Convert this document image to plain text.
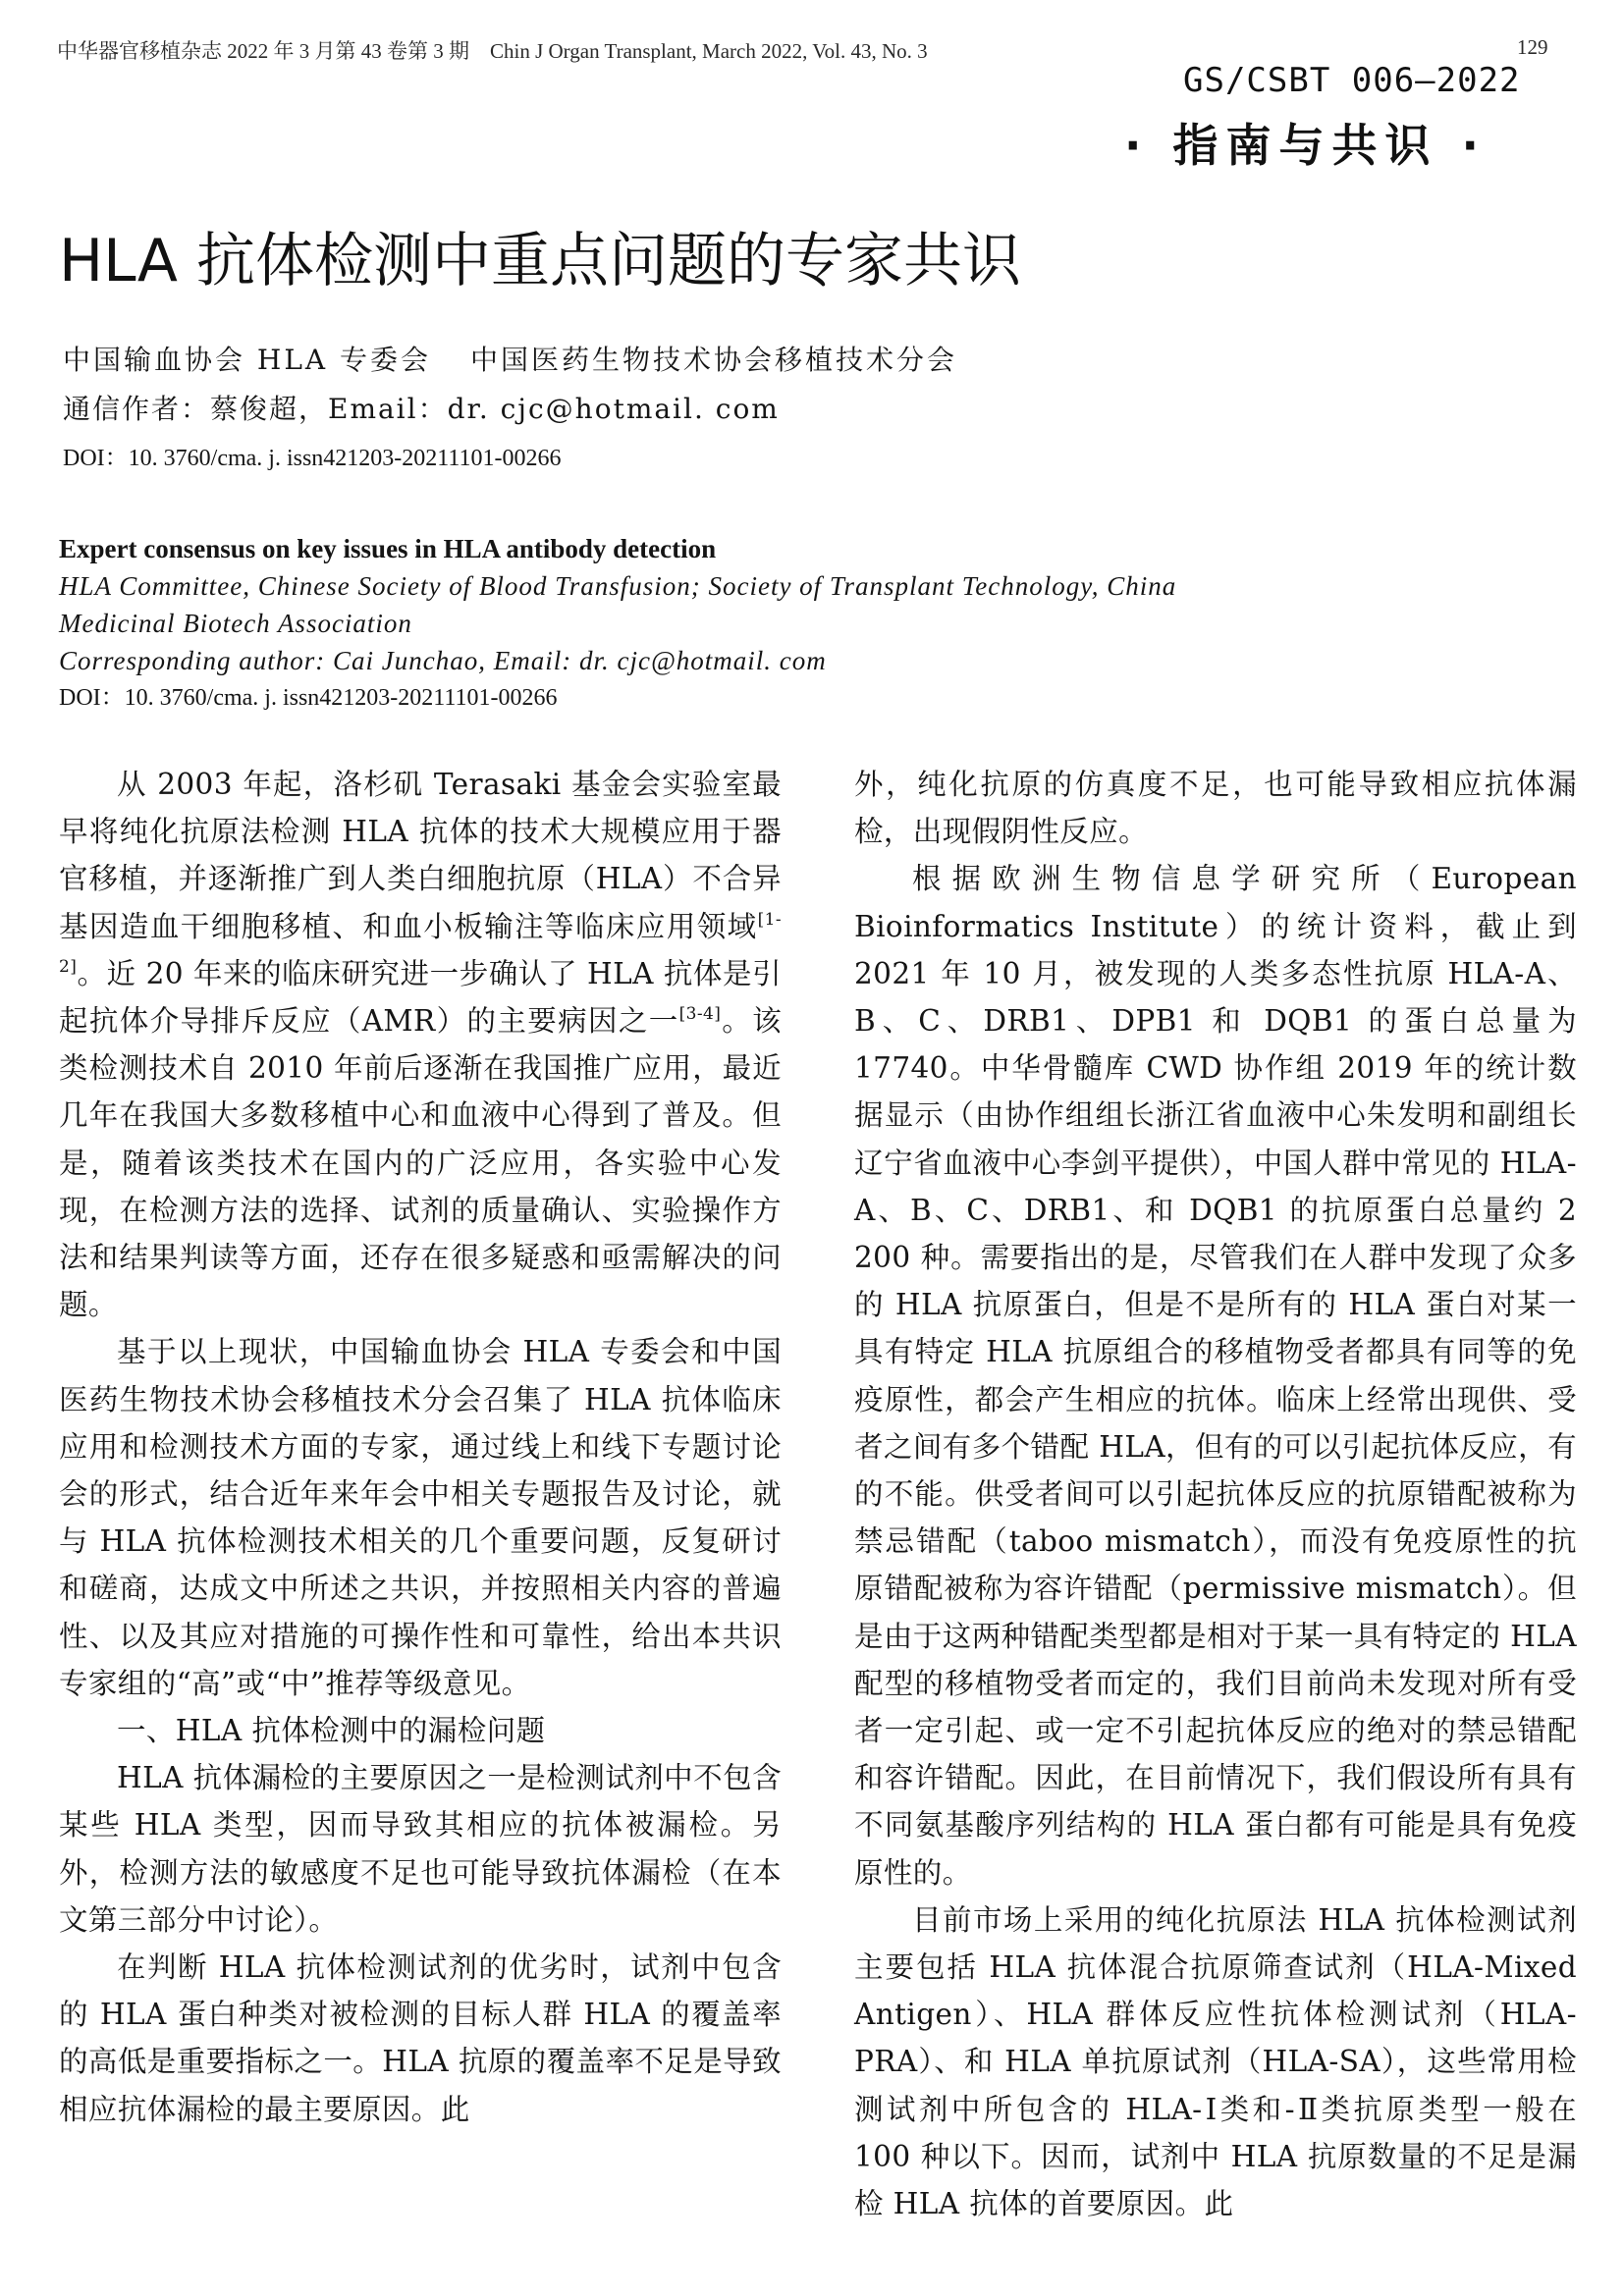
中华器官移植杂志 2022 年 3 月第 43 卷第 3 期　Chin J Organ Transplant, March 2022, Vol. 43, No. 3	129
GS/CSBT 006—2022
· 指南与共识 ·
HLA 抗体检测中重点问题的专家共识
中国输血协会 HLA 专委会 中国医药生物技术协会移植技术分会
通信作者：蔡俊超，Email：dr. cjc@hotmail. com
DOI：10. 3760/cma. j. issn421203-20211101-00266
Expert consensus on key issues in HLA antibody detection
HLA Committee, Chinese Society of Blood Transfusion; Society of Transplant Technology, China
Medicinal Biotech Association
Corresponding author: Cai Junchao, Email: dr. cjc@hotmail. com
DOI：10. 3760/cma. j. issn421203-20211101-00266

从 2003 年起，洛杉矶 Terasaki 基金会实验室最早将纯化抗原法检测 HLA 抗体的技术大规模应用于器官移植，并逐渐推广到人类白细胞抗原（HLA）不合异基因造血干细胞移植、和血小板输注等临床应用领域[1-2]。近 20 年来的临床研究进一步确认了 HLA 抗体是引起抗体介导排斥反应（AMR）的主要病因之一[3-4]。该类检测技术自 2010 年前后逐渐在我国推广应用，最近几年在我国大多数移植中心和血液中心得到了普及。但是，随着该类技术在国内的广泛应用，各实验中心发现，在检测方法的选择、试剂的质量确认、实验操作方法和结果判读等方面，还存在很多疑惑和亟需解决的问题。

基于以上现状，中国输血协会 HLA 专委会和中国医药生物技术协会移植技术分会召集了 HLA 抗体临床应用和检测技术方面的专家，通过线上和线下专题讨论会的形式，结合近年来年会中相关专题报告及讨论，就与 HLA 抗体检测技术相关的几个重要问题，反复研讨和磋商，达成文中所述之共识，并按照相关内容的普遍性、以及其应对措施的可操作性和可靠性，给出本共识专家组的“高”或“中”推荐等级意见。

一、HLA 抗体检测中的漏检问题

HLA 抗体漏检的主要原因之一是检测试剂中不包含某些 HLA 类型，因而导致其相应的抗体被漏检。另外，检测方法的敏感度不足也可能导致抗体漏检（在本文第三部分中讨论）。

在判断 HLA 抗体检测试剂的优劣时，试剂中包含的 HLA 蛋白种类对被检测的目标人群 HLA 的覆盖率的高低是重要指标之一。HLA 抗原的覆盖率不足是导致相应抗体漏检的最主要原因。此

外，纯化抗原的仿真度不足，也可能导致相应抗体漏检，出现假阴性反应。

根据欧洲生物信息学研究所（European Bioinformatics Institute）的统计资料，截止到 2021 年 10 月，被发现的人类多态性抗原 HLA-A、B、C、DRB1、DPB1 和 DQB1 的蛋白总量为 17740。中华骨髓库 CWD 协作组 2019 年的统计数据显示（由协作组组长浙江省血液中心朱发明和副组长辽宁省血液中心李剑平提供），中国人群中常见的 HLA-A、B、C、DRB1、和 DQB1 的抗原蛋白总量约 2 200 种。需要指出的是，尽管我们在人群中发现了众多的 HLA 抗原蛋白，但是不是所有的 HLA 蛋白对某一具有特定 HLA 抗原组合的移植物受者都具有同等的免疫原性，都会产生相应的抗体。临床上经常出现供、受者之间有多个错配 HLA，但有的可以引起抗体反应，有的不能。供受者间可以引起抗体反应的抗原错配被称为禁忌错配（taboo mismatch），而没有免疫原性的抗原错配被称为容许错配（permissive mismatch）。但是由于这两种错配类型都是相对于某一具有特定的 HLA 配型的移植物受者而定的，我们目前尚未发现对所有受者一定引起、或一定不引起抗体反应的绝对的禁忌错配和容许错配。因此，在目前情况下，我们假设所有具有不同氨基酸序列结构的 HLA 蛋白都有可能是具有免疫原性的。

目前市场上采用的纯化抗原法 HLA 抗体检测试剂主要包括 HLA 抗体混合抗原筛查试剂（HLA-Mixed Antigen）、HLA 群体反应性抗体检测试剂（HLA-PRA）、和 HLA 单抗原试剂（HLA-SA），这些常用检测试剂中所包含的 HLA-Ⅰ类和-Ⅱ类抗原类型一般在 100 种以下。因而，试剂中 HLA 抗原数量的不足是漏检 HLA 抗体的首要原因。此
